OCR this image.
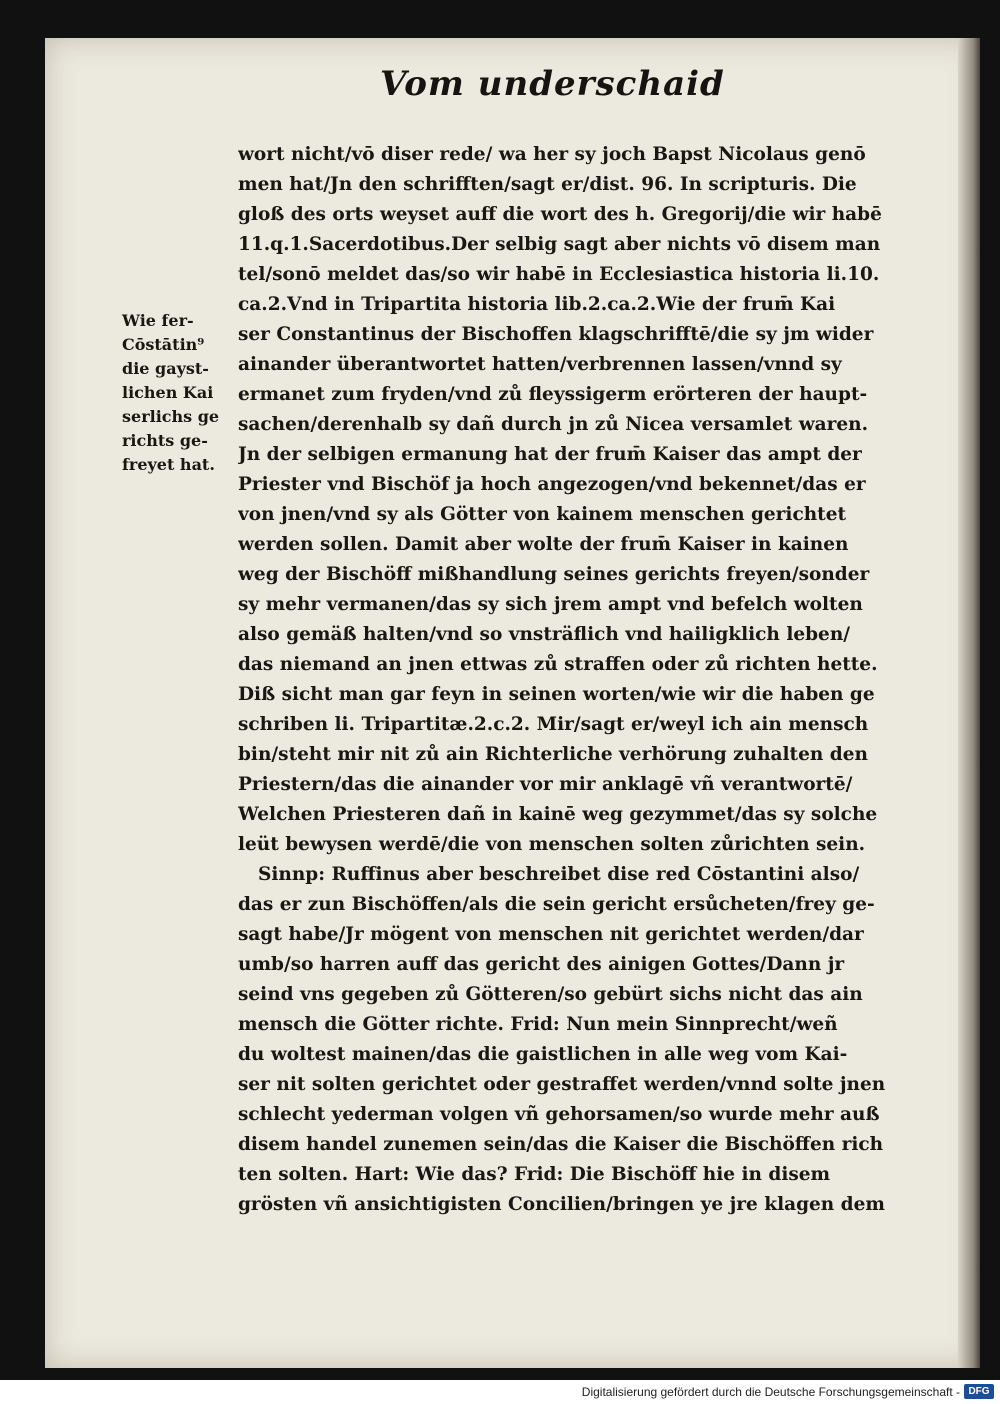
Vom underschaid
Wie fer-
Cōstātin⁹
die gayst-
lichen Kai
serlichs ge
richts ge-
freyet hat.
wort nicht/vō diser rede/ wa her sy joch Bapst Nicolaus genō
men hat/Jn den schrifften/sagt er/dist. 96. In scripturis. Die
gloß des orts weyset auff die wort des h. Gregorij/die wir habē
11.q.1.Sacerdotibus.Der selbig sagt aber nichts vō disem man
tel/sonō meldet das/so wir habē in Ecclesiastica historia li.10.
ca.2.Vnd in Tripartita historia lib.2.ca.2.Wie der frum̄ Kai
ser Constantinus der Bischoffen klagschrifftē/die sy jm wider
ainander überantwortet hatten/verbrennen lassen/vnnd sy
ermanet zum fryden/vnd zů fleyssigerm erörteren der haupt-
sachen/derenhalb sy dañ durch jn zů Nicea versamlet waren.
Jn der selbigen ermanung hat der frum̄ Kaiser das ampt der
Priester vnd Bischöf ja hoch angezogen/vnd bekennet/das er
von jnen/vnd sy als Götter von kainem menschen gerichtet
werden sollen. Damit aber wolte der frum̄ Kaiser in kainen
weg der Bischöff mißhandlung seines gerichts freyen/sonder
sy mehr vermanen/das sy sich jrem ampt vnd befelch wolten
also gemäß halten/vnd so vnsträflich vnd hailigklich leben/
das niemand an jnen ettwas zů straffen oder zů richten hette.
Diß sicht man gar feyn in seinen worten/wie wir die haben ge
schriben li. Tripartitæ.2.c.2. Mir/sagt er/weyl ich ain mensch
bin/steht mir nit zů ain Richterliche verhörung zuhalten den
Priestern/das die ainander vor mir anklagē vñ verantwortē/
Welchen Priesteren dañ in kainē weg gezymmet/das sy solche
leüt bewysen werdē/die von menschen solten zůrichten sein.
Sinnp: Ruffinus aber beschreibet dise red Cōstantini also/
das er zun Bischöffen/als die sein gericht ersůcheten/frey ge-
sagt habe/Jr mögent von menschen nit gerichtet werden/dar
umb/so harren auff das gericht des ainigen Gottes/Dann jr
seind vns gegeben zů Götteren/so gebürt sichs nicht das ain
mensch die Götter richte. Frid: Nun mein Sinnprecht/weñ
du woltest mainen/das die gaistlichen in alle weg vom Kai-
ser nit solten gerichtet oder gestraffet werden/vnnd solte jnen
schlecht yederman volgen vñ gehorsamen/so wurde mehr auß
disem handel zunemen sein/das die Kaiser die Bischöffen rich
ten solten. Hart: Wie das? Frid: Die Bischöff hie in disem
grösten vñ ansichtigisten Concilien/bringen ye jre klagen dem
Digitalisierung gefördert durch die Deutsche Forschungsgemeinschaft - DFG
